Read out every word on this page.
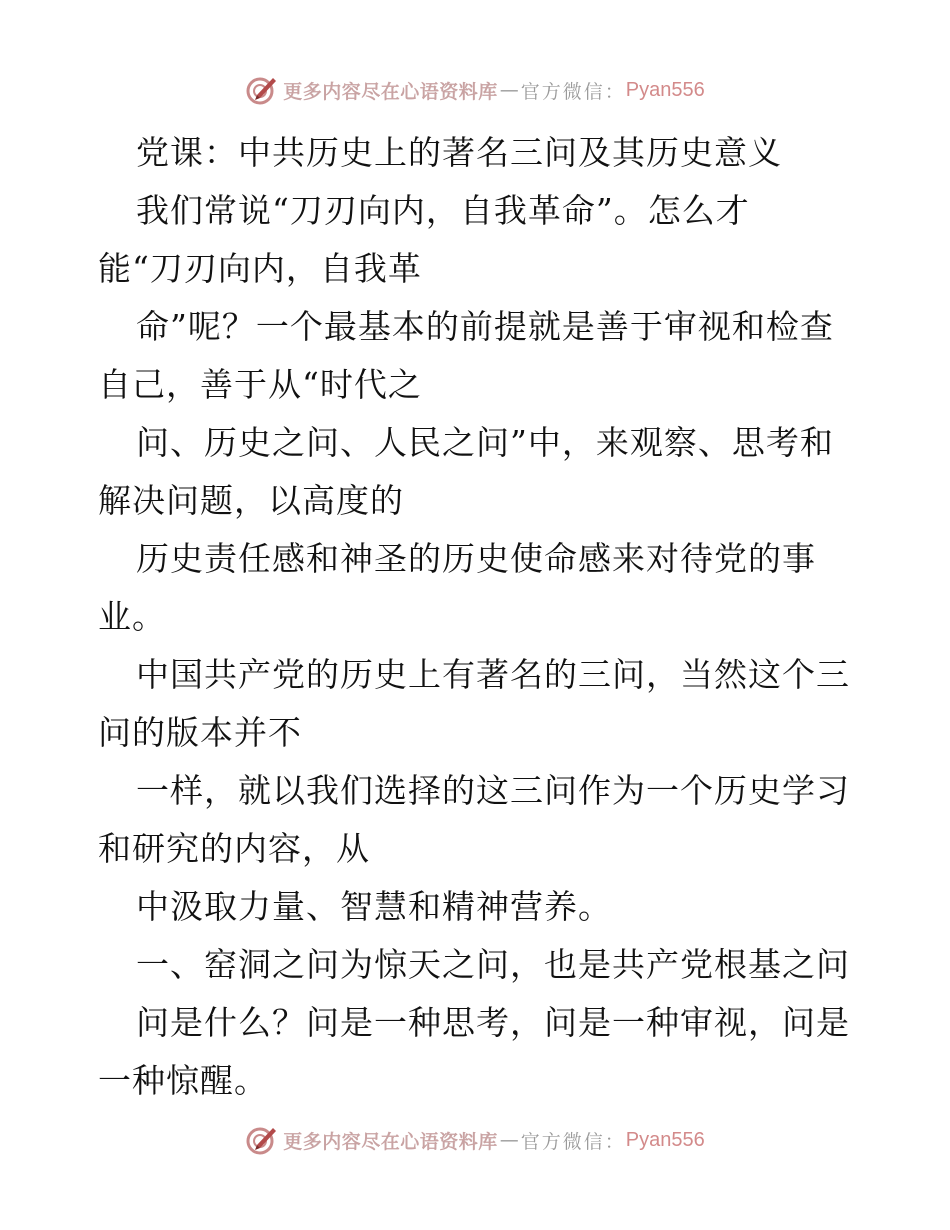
更多内容尽在心语资料库 — 官方微信： Pyan556
党课：中共历史上的著名三问及其历史意义
我们常说“刀刃向内，自我革命”。怎么才
能“刀刃向内，自我革
命”呢？一个最基本的前提就是善于审视和检查
自己，善于从“时代之
问、历史之问、人民之问”中，来观察、思考和
解决问题，以高度的
历史责任感和神圣的历史使命感来对待党的事
业。
中国共产党的历史上有著名的三问，当然这个三
问的版本并不
一样，就以我们选择的这三问作为一个历史学习
和研究的内容，从
中汲取力量、智慧和精神营养。
一、窑洞之问为惊天之问，也是共产党根基之问
问是什么？问是一种思考，问是一种审视，问是
一种惊醒。
更多内容尽在心语资料库 — 官方微信： Pyan556
